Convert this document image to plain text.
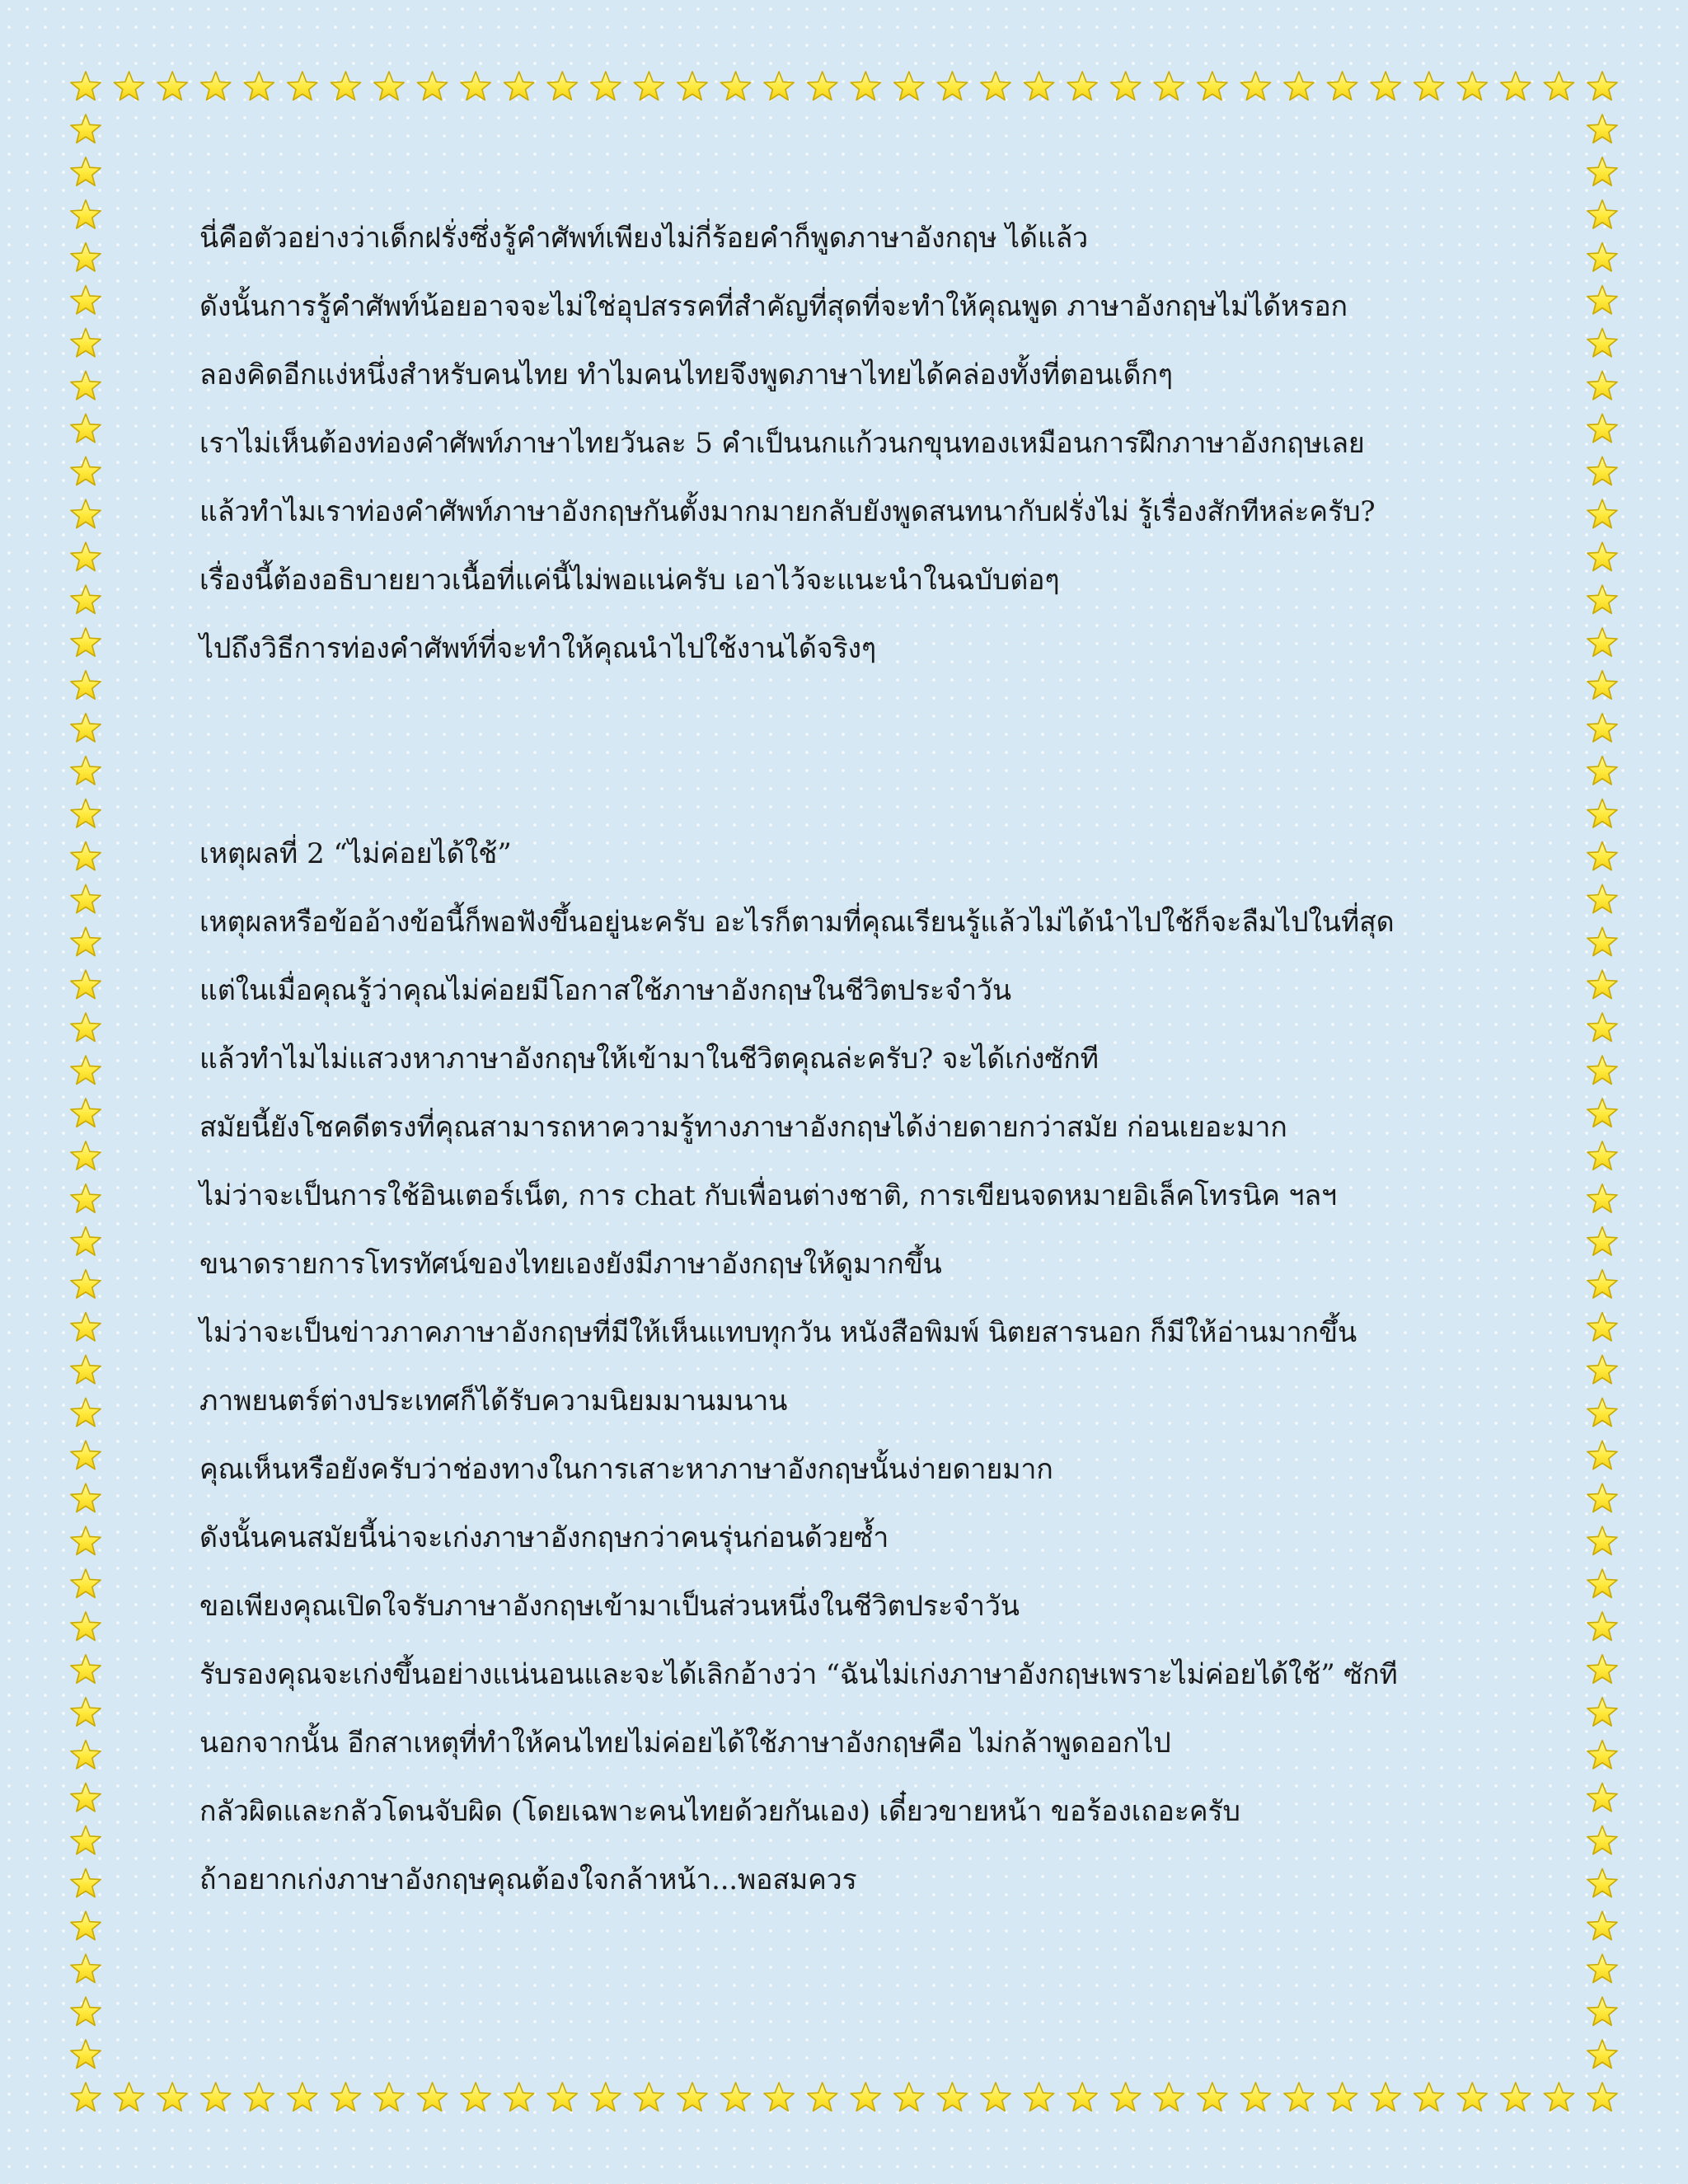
นี่คือตัวอย่างว่าเด็กฝรั่งซึ่งรู้คำศัพท์เพียงไม่กี่ร้อยคำก็พูดภาษาอังกฤษ ได้แล้ว
ดังนั้นการรู้คำศัพท์น้อยอาจจะไม่ใช่อุปสรรคที่สำคัญที่สุดที่จะทำให้คุณพูด ภาษาอังกฤษไม่ได้หรอก
ลองคิดอีกแง่หนึ่งสำหรับคนไทย ทำไมคนไทยจึงพูดภาษาไทยได้คล่องทั้งที่ตอนเด็กๆ
เราไม่เห็นต้องท่องคำศัพท์ภาษาไทยวันละ 5 คำเป็นนกแก้วนกขุนทองเหมือนการฝึกภาษาอังกฤษเลย
แล้วทำไมเราท่องคำศัพท์ภาษาอังกฤษกันตั้งมากมายกลับยังพูดสนทนากับฝรั่งไม่ รู้เรื่องสักทีหล่ะครับ?
เรื่องนี้ต้องอธิบายยาวเนื้อที่แค่นี้ไม่พอแน่ครับ เอาไว้จะแนะนำในฉบับต่อๆ
ไปถึงวิธีการท่องคำศัพท์ที่จะทำให้คุณนำไปใช้งานได้จริงๆ
เหตุผลที่ 2 “ไม่ค่อยได้ใช้”
เหตุผลหรือข้ออ้างข้อนี้ก็พอฟังขึ้นอยู่นะครับ อะไรก็ตามที่คุณเรียนรู้แล้วไม่ได้นำไปใช้ก็จะลืมไปในที่สุด
แต่ในเมื่อคุณรู้ว่าคุณไม่ค่อยมีโอกาสใช้ภาษาอังกฤษในชีวิตประจำวัน
แล้วทำไมไม่แสวงหาภาษาอังกฤษให้เข้ามาในชีวิตคุณล่ะครับ? จะได้เก่งซักที
สมัยนี้ยังโชคดีตรงที่คุณสามารถหาความรู้ทางภาษาอังกฤษได้ง่ายดายกว่าสมัย ก่อนเยอะมาก
ไม่ว่าจะเป็นการใช้อินเตอร์เน็ต, การ chat กับเพื่อนต่างชาติ, การเขียนจดหมายอิเล็คโทรนิค ฯลฯ
ขนาดรายการโทรทัศน์ของไทยเองยังมีภาษาอังกฤษให้ดูมากขึ้น
ไม่ว่าจะเป็นข่าวภาคภาษาอังกฤษที่มีให้เห็นแทบทุกวัน หนังสือพิมพ์ นิตยสารนอก ก็มีให้อ่านมากขึ้น
ภาพยนตร์ต่างประเทศก็ได้รับความนิยมมานมนาน
คุณเห็นหรือยังครับว่าช่องทางในการเสาะหาภาษาอังกฤษนั้นง่ายดายมาก
ดังนั้นคนสมัยนี้น่าจะเก่งภาษาอังกฤษกว่าคนรุ่นก่อนด้วยซ้ำ
ขอเพียงคุณเปิดใจรับภาษาอังกฤษเข้ามาเป็นส่วนหนึ่งในชีวิตประจำวัน
รับรองคุณจะเก่งขึ้นอย่างแน่นอนและจะได้เลิกอ้างว่า “ฉันไม่เก่งภาษาอังกฤษเพราะไม่ค่อยได้ใช้” ซักที
นอกจากนั้น อีกสาเหตุที่ทำให้คนไทยไม่ค่อยได้ใช้ภาษาอังกฤษคือ ไม่กล้าพูดออกไป
กลัวผิดและกลัวโดนจับผิด (โดยเฉพาะคนไทยด้วยกันเอง) เดี๋ยวขายหน้า ขอร้องเถอะครับ
ถ้าอยากเก่งภาษาอังกฤษคุณต้องใจกล้าหน้า...พอสมควร
